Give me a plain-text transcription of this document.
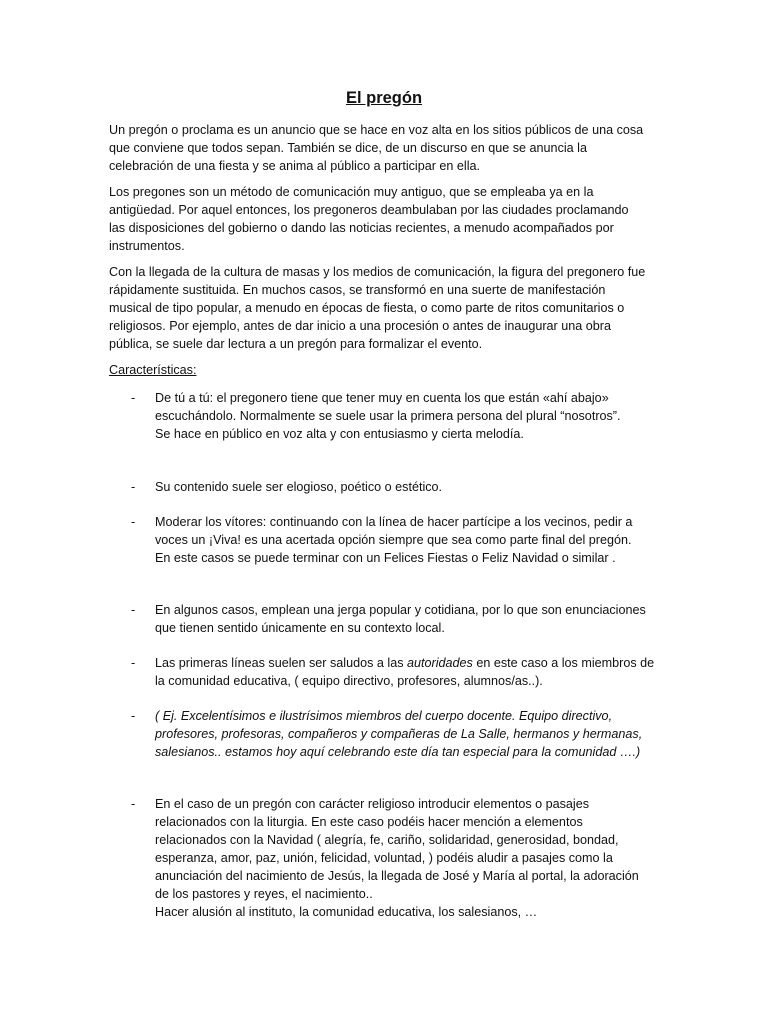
El pregón

Un pregón o proclama es un anuncio que se hace en voz alta en los sitios públicos de una cosa
que conviene que todos sepan. También se dice, de un discurso en que se anuncia la
celebración de una fiesta y se anima al público a participar en ella.

Los pregones son un método de comunicación muy antiguo, que se empleaba ya en la
antigüedad. Por aquel entonces, los pregoneros deambulaban por las ciudades proclamando
las disposiciones del gobierno o dando las noticias recientes, a menudo acompañados por
instrumentos.

Con la llegada de la cultura de masas y los medios de comunicación, la figura del pregonero fue
rápidamente sustituida. En muchos casos, se transformó en una suerte de manifestación
musical de tipo popular, a menudo en épocas de fiesta, o como parte de ritos comunitarios o
religiosos. Por ejemplo, antes de dar inicio a una procesión o antes de inaugurar una obra
pública, se suele dar lectura a un pregón para formalizar el evento.

Características:

- De tú a tú: el pregonero tiene que tener muy en cuenta los que están «ahí abajo»
escuchándolo. Normalmente se suele usar la primera persona del plural “nosotros”.
Se hace en público en voz alta y con entusiasmo y cierta melodía.
- Su contenido suele ser elogioso, poético o estético.
- Moderar los vítores: continuando con la línea de hacer partícipe a los vecinos, pedir a
voces un ¡Viva! es una acertada opción siempre que sea como parte final del pregón.
En este casos se puede terminar con un Felices Fiestas o Feliz Navidad o similar .
- En algunos casos, emplean una jerga popular y cotidiana, por lo que son enunciaciones
que tienen sentido únicamente en su contexto local.
- Las primeras líneas suelen ser saludos a las autoridades en este caso a los miembros de
la comunidad educativa, ( equipo directivo, profesores, alumnos/as..).
- ( Ej. Excelentísimos e ilustrísimos miembros del cuerpo docente. Equipo directivo,
profesores, profesoras, compañeros y compañeras de La Salle, hermanos y hermanas,
salesianos.. estamos hoy aquí celebrando este día tan especial para la comunidad ….)
- En el caso de un pregón con carácter religioso introducir elementos o pasajes
relacionados con la liturgia. En este caso podéis hacer mención a elementos
relacionados con la Navidad ( alegría, fe, cariño, solidaridad, generosidad, bondad,
esperanza, amor, paz, unión, felicidad, voluntad, ) podéis aludir a pasajes como la
anunciación del nacimiento de Jesús, la llegada de José y María al portal, la adoración
de los pastores y reyes, el nacimiento..
Hacer alusión al instituto, la comunidad educativa, los salesianos, …
